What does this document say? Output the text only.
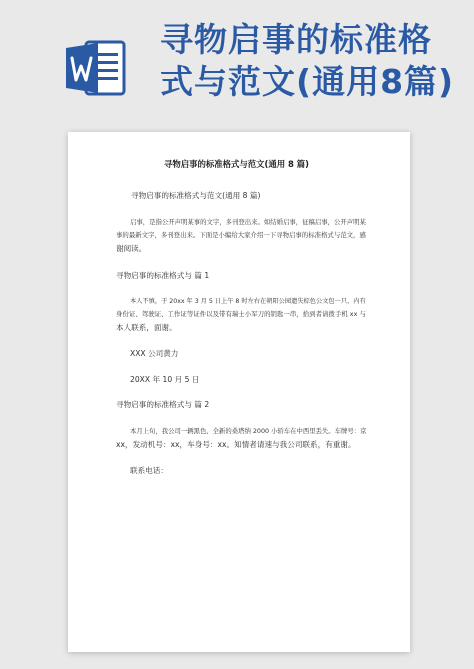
寻物启事的标准格
式与范文(通用8篇)
寻物启事的标准格式与范文(通用 8 篇)
寻物启事的标准格式与范文(通用 8 篇)
启事，是指公开声明某事的文字，多刊登出来。如结婚启事，征稿启事，公开声明某
事的最新文字，多刊登出来。下面是小编给大家介绍一下寻物启事的标准格式与范文，感
谢阅读。
寻物启事的标准格式与 篇 1
本人不慎，于 20xx 年 3 月 5 日上午 8 时左右在朝阳公园遗失棕色公文包一只，内有
身份证、驾驶证、工作证等证件以及带有瑞士小军刀的钥匙一串，拾到者请拨手机 xx 与
本人联系，面谢。
XXX 公司黄力
20XX 年 10 月 5 日
寻物启事的标准格式与 篇 2
本月上旬，我公司一辆黑色、全新的桑塔纳 2000 小轿车在中西里丢失。车牌号：京
xx，发动机号：xx，车身号：xx。知情者请速与我公司联系，有重谢。
联系电话：
